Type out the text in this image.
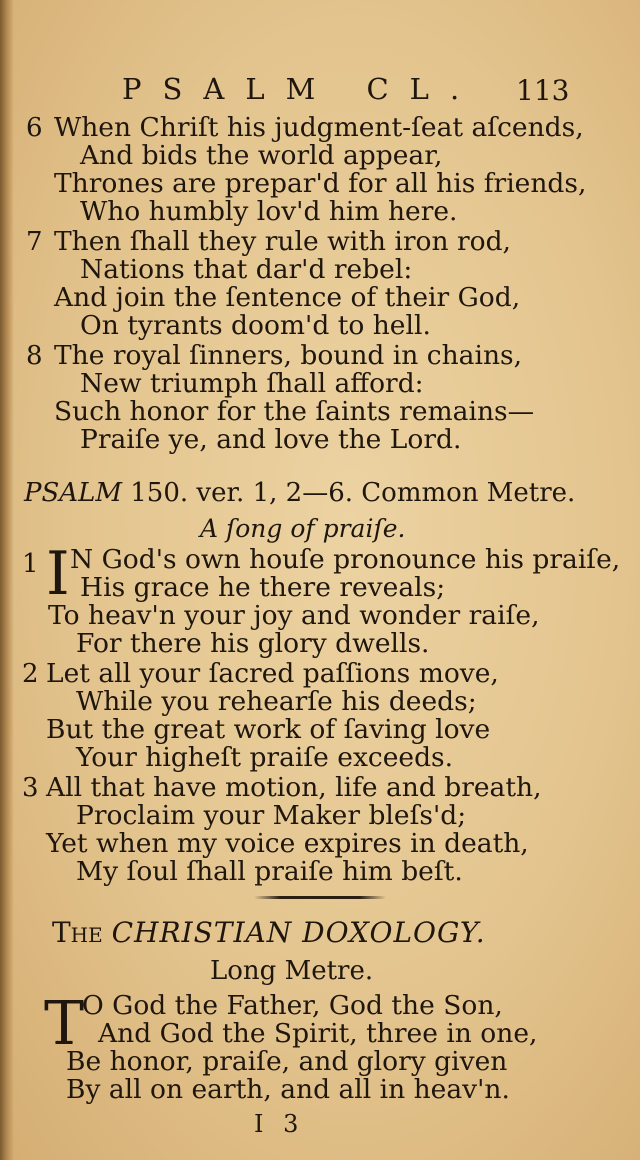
PSALM CL. 113
6 When Chriſt his judgment-ſeat aſcends,
And bids the world appear,
Thrones are prepar'd for all his friends,
Who humbly lov'd him here.
7 Then ſhall they rule with iron rod,
Nations that dar'd rebel:
And join the ſentence of their God,
On tyrants doom'd to hell.
8 The royal ſinners, bound in chains,
New triumph ſhall afford:
Such honor for the ſaints remains—
Praiſe ye, and love the Lord.
PSALM 150. ver. 1, 2—6. Common Metre.
A ſong of praiſe.
1 I N God's own houſe pronounce his praiſe,
His grace he there reveals;
To heav'n your joy and wonder raiſe,
For there his glory dwells.
2 Let all your ſacred paſſions move,
While you rehearſe his deeds;
But the great work of ſaving love
Your higheſt praiſe exceeds.
3 All that have motion, life and breath,
Proclaim your Maker bleſs'd;
Yet when my voice expires in death,
My ſoul ſhall praiſe him beſt.
The CHRISTIAN DOXOLOGY.
Long Metre.
T
O God the Father, God the Son,
And God the Spirit, three in one,
Be honor, praiſe, and glory given
By all on earth, and all in heav'n.
I 3
